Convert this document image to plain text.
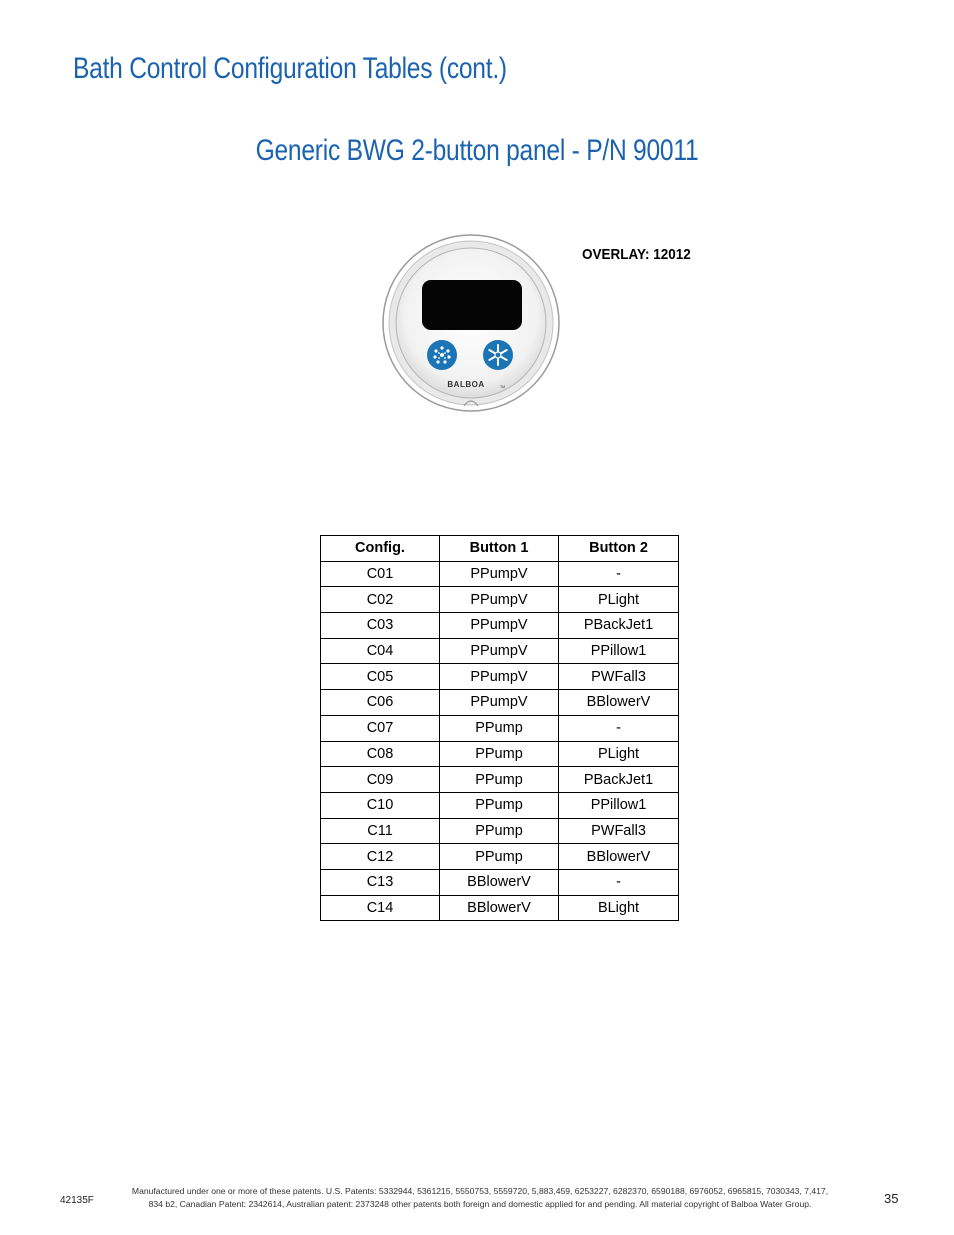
Bath Control Configuration Tables (cont.)
Generic BWG 2-button panel - P/N 90011
OVERLAY: 12012
BALBOA	TM
Config.	Button 1	Button 2
C01	PPumpV	-
C02	PPumpV	PLight
C03	PPumpV	PBackJet1
C04	PPumpV	PPillow1
C05	PPumpV	PWFall3
C06	PPumpV	BBlowerV
C07	PPump	-
C08	PPump	PLight
C09	PPump	PBackJet1
C10	PPump	PPillow1
C11	PPump	PWFall3
C12	PPump	BBlowerV
C13	BBlowerV	-
C14	BBlowerV	BLight
42135F
Manufactured under one or more of these patents. U.S. Patents: 5332944, 5361215, 5550753, 5559720, 5,883,459, 6253227, 6282370, 6590188, 6976052, 6965815, 7030343, 7,417,
834 b2, Canadian Patent: 2342614, Australian patent: 2373248 other patents both foreign and domestic applied for and pending. All material copyright of Balboa Water Group.	35
